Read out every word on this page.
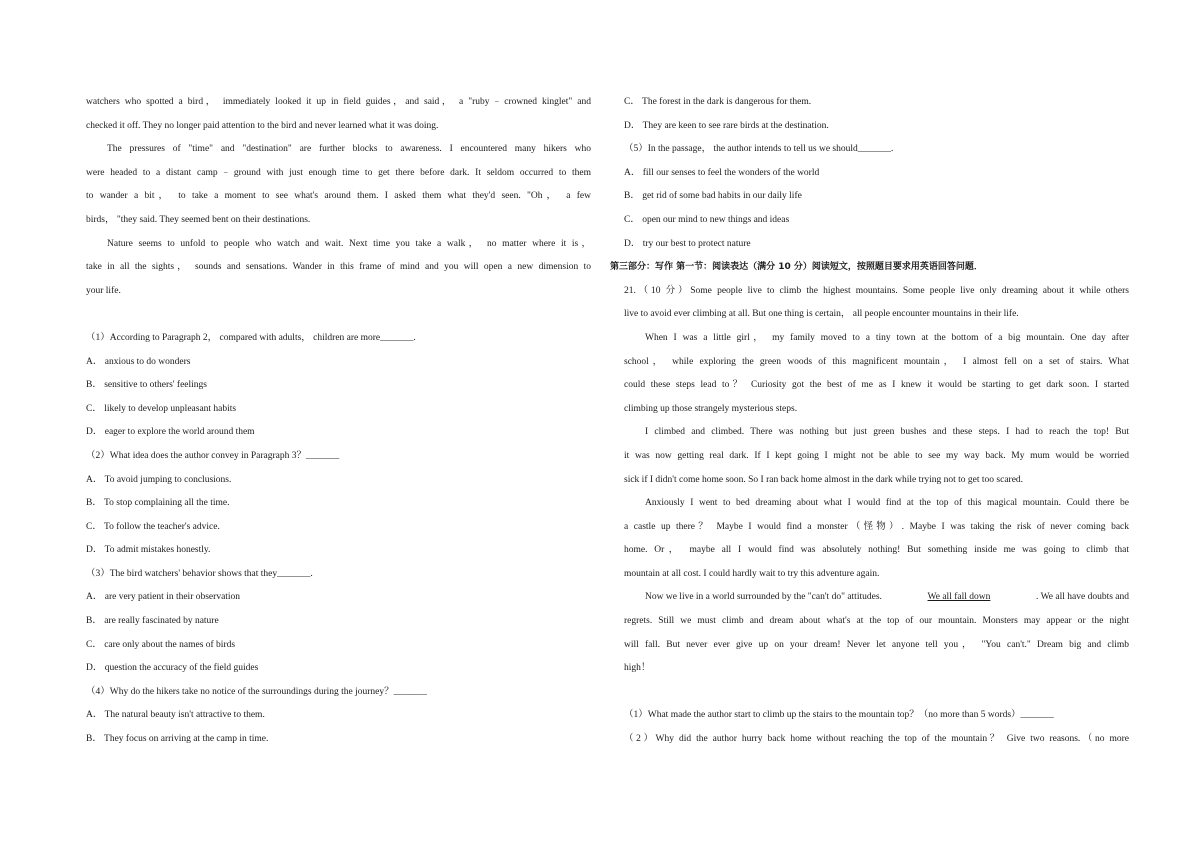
watchers who spotted a bird， immediately looked it up in field guides，and said， a "ruby﹣crowned kinglet" and
checked it off. They no longer paid attention to the bird and never learned what it was doing.
The pressures of "time" and "destination" are further blocks to awareness. I encountered many hikers who
were headed to a distant camp﹣ground with just enough time to get there before dark. It seldom occurred to them
to wander a bit， to take a moment to see what's around them. I asked them what they'd seen. "Oh， a few
birds， "they said. They seemed bent on their destinations.
Nature seems to unfold to people who watch and wait. Next time you take a walk， no matter where it is，
take in all the sights， sounds and sensations. Wander in this frame of mind and you will open a new dimension to
your life.
（1）According to Paragraph 2， compared with adults， children are more_______.
A． anxious to do wonders
B． sensitive to others' feelings
C． likely to develop unpleasant habits
D． eager to explore the world around them
（2）What idea does the author convey in Paragraph 3？_______
A． To avoid jumping to conclusions.
B． To stop complaining all the time.
C． To follow the teacher's advice.
D． To admit mistakes honestly.
（3）The bird watchers' behavior shows that they_______.
A． are very patient in their observation
B． are really fascinated by nature
C． care only about the names of birds
D． question the accuracy of the field guides
（4）Why do the hikers take no notice of the surroundings during the journey？_______
A． The natural beauty isn't attractive to them.
B． They focus on arriving at the camp in time.
C． The forest in the dark is dangerous for them.
D． They are keen to see rare birds at the destination.
（5）In the passage， the author intends to tell us we should_______.
A． fill our senses to feel the wonders of the world
B． get rid of some bad habits in our daily life
C． open our mind to new things and ideas
D． try our best to protect nature
第三部分：写作 第一节：阅读表达（满分 10 分）阅读短文，按照题目要求用英语回答问题．
21.（10 分）Some people live to climb the highest mountains. Some people live only dreaming about it while others
live to avoid ever climbing at all. But one thing is certain， all people encounter mountains in their life.
When I was a little girl， my family moved to a tiny town at the bottom of a big mountain. One day after
school， while exploring the green woods of this magnificent mountain， I almost fell on a set of stairs. What
could these steps lead to？ Curiosity got the best of me as I knew it would be starting to get dark soon. I started
climbing up those strangely mysterious steps.
I climbed and climbed. There was nothing but just green bushes and these steps. I had to reach the top! But
it was now getting real dark. If I kept going I might not be able to see my way back. My mum would be worried
sick if I didn't come home soon. So I ran back home almost in the dark while trying not to get too scared.
Anxiously I went to bed dreaming about what I would find at the top of this magical mountain. Could there be
a castle up there？ Maybe I would find a monster（怪物）. Maybe I was taking the risk of never coming back
home. Or， maybe all I would find was absolutely nothing! But something inside me was going to climb that
mountain at all cost. I could hardly wait to try this adventure again.
Now we live in a world surrounded by the "can't do" attitudes.	We all fall down	. We all have doubts and
regrets. Still we must climb and dream about what's at the top of our mountain. Monsters may appear or the night
will fall. But never ever give up on your dream! Never let anyone tell you， "You can't." Dream big and climb
high！
（1）What made the author start to climb up the stairs to the mountain top？（no more than 5 words）_______
（2）Why did the author hurry back home without reaching the top of the mountain？ Give two reasons.（no more
